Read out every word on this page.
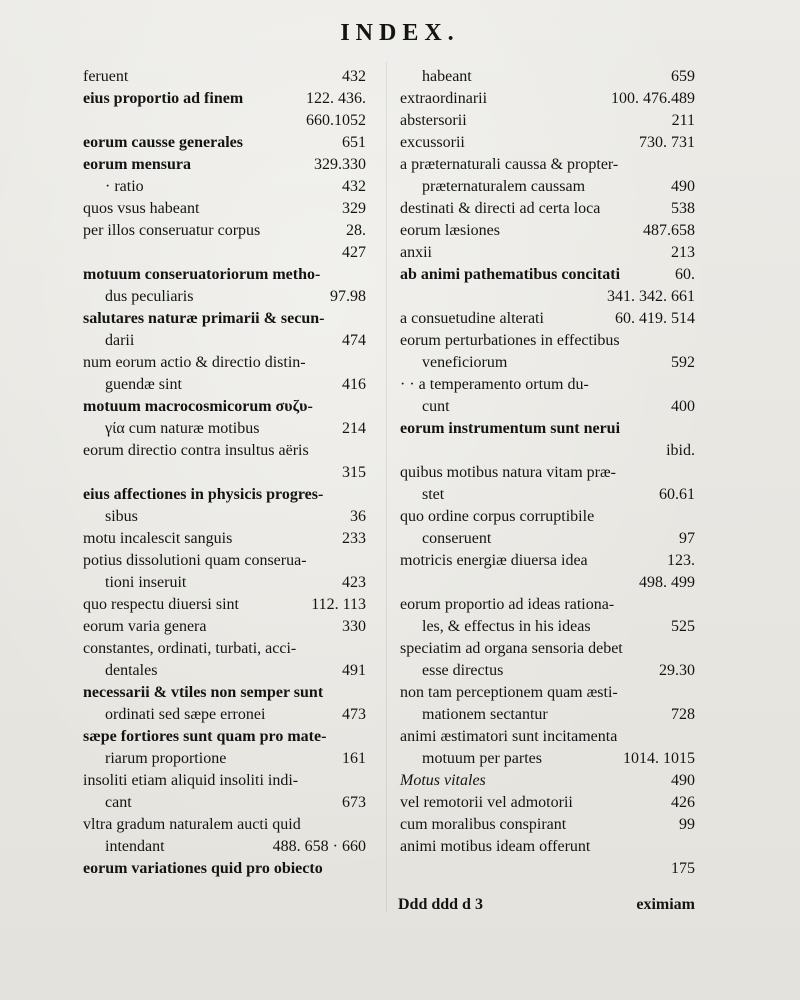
INDEX.
feruent	432
eius proportio ad finem	122. 436.
660.1052
eorum causse generales	651
eorum mensura	329.330
· ratio	432
quos vsus habeant	329
per illos conseruatur corpus	28.
427
motuum conseruatoriorum metho-
dus peculiaris	97.98
salutares naturæ primarii & secun-
darii	474
num eorum actio & directio distin-
guendæ sint	416
motuum macrocosmicorum συζυ-
γία cum naturæ motibus	214
eorum directio contra insultus aëris
315
eius affectiones in physicis progres-
sibus	36
motu incalescit sanguis	233
potius dissolutioni quam conserua-
tioni inseruit	423
quo respectu diuersi sint	112. 113
eorum varia genera	330
constantes, ordinati, turbati, acci-
dentales	491
necessarii & vtiles non semper sunt
ordinati sed sæpe erronei	473
sæpe fortiores sunt quam pro mate-
riarum proportione	161
insoliti etiam aliquid insoliti indi-
cant	673
vltra gradum naturalem aucti quid
intendant	488. 658 · 660
eorum variationes quid pro obiecto
habeant	659
extraordinarii	100. 476.489
abstersorii	211
excussorii	730. 731
a præternaturali caussa & propter-
præternaturalem caussam	490
destinati & directi ad certa loca	538
eorum læsiones	487.658
anxii	213
ab animi pathematibus concitati	60.
341. 342. 661
a consuetudine alterati	60. 419. 514
eorum perturbationes in effectibus
veneficiorum	592
· · a temperamento ortum du-
cunt	400
eorum instrumentum sunt nerui
ibid.
quibus motibus natura vitam præ-
stet	60.61
quo ordine corpus corruptibile
conseruent	97
motricis energiæ diuersa idea	123.
498. 499
eorum proportio ad ideas rationa-
les, & effectus in his ideas	525
speciatim ad organa sensoria debet
esse directus	29.30
non tam perceptionem quam æsti-
mationem sectantur	728
animi æstimatori sunt incitamenta
motuum per partes	1014. 1015
Motus vitales	490
vel remotorii vel admotorii	426
cum moralibus conspirant	99
animi motibus ideam offerunt
175
Ddd ddd d 3	eximiam
